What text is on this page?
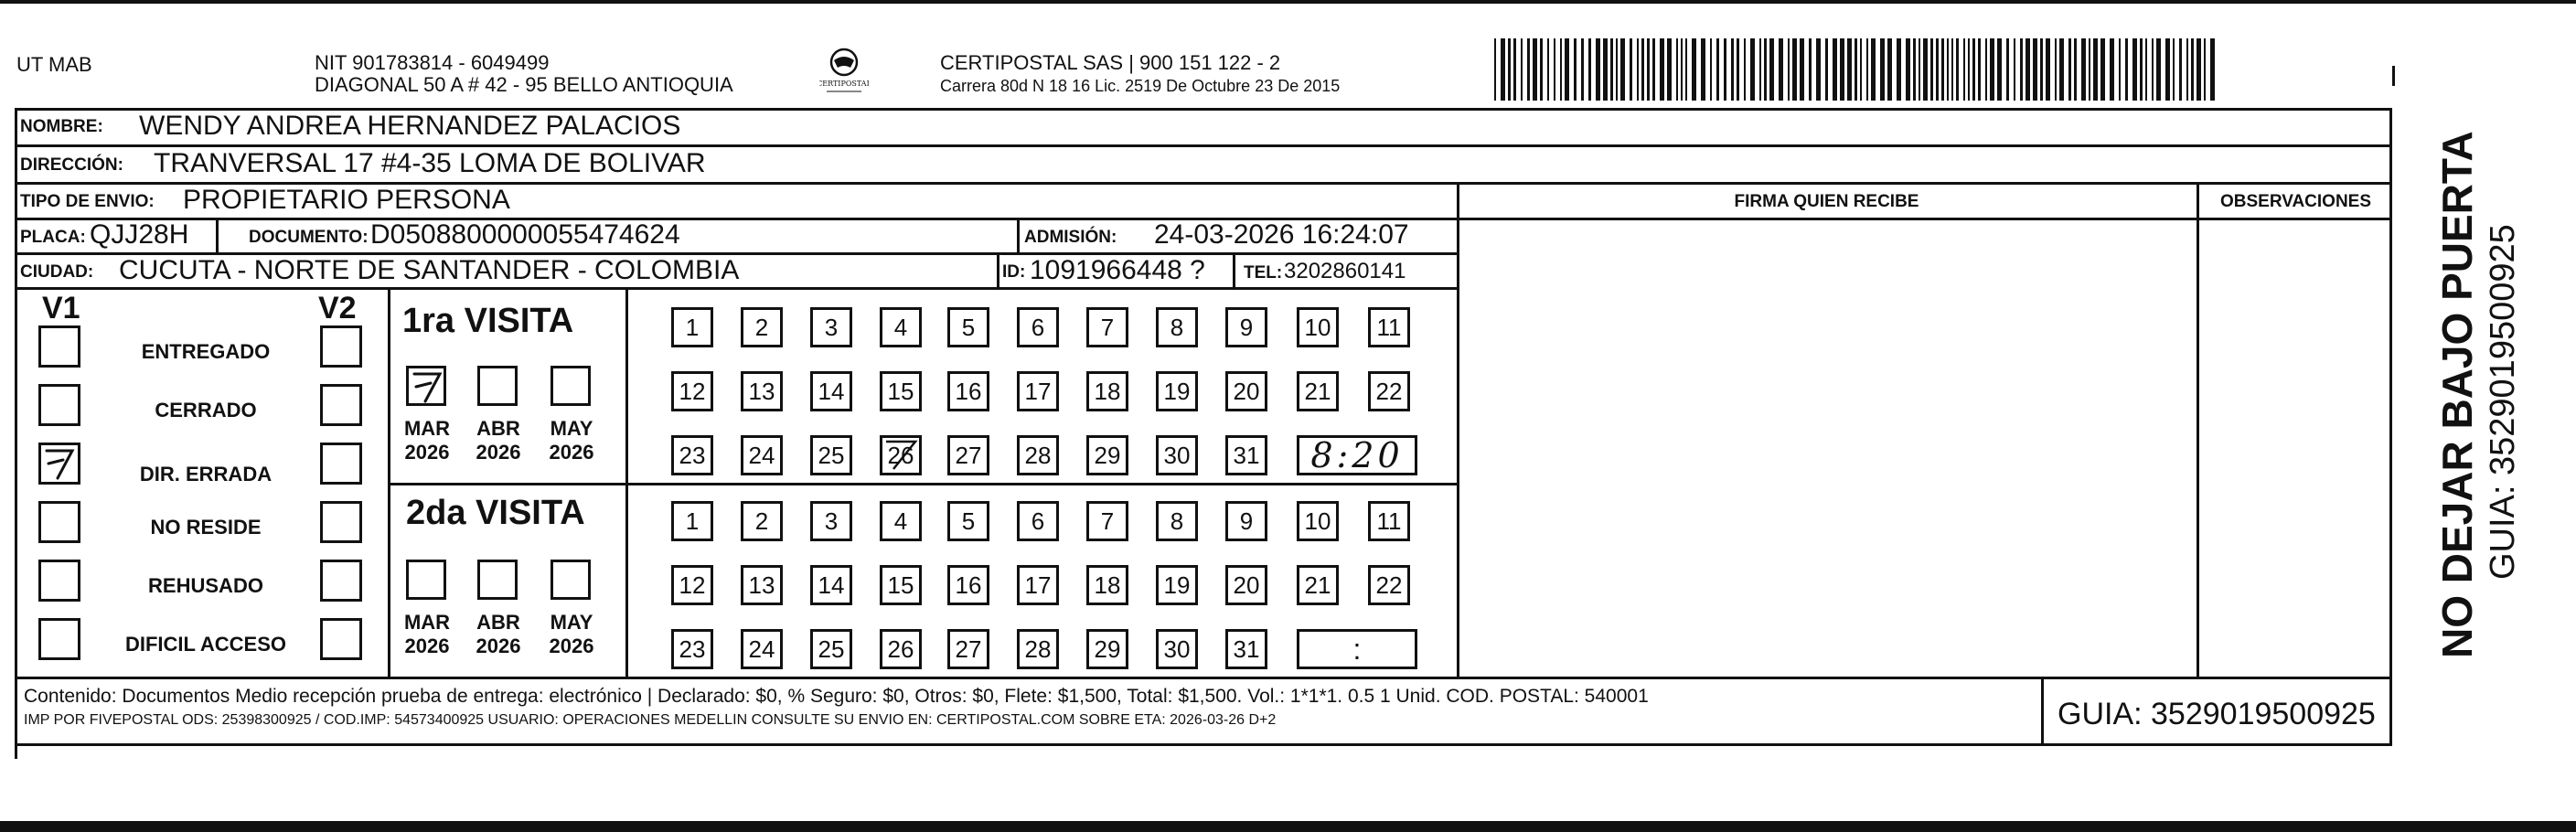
UT MAB	NIT 901783814 - 6049499
DIAGONAL 50 A # 42 - 95 BELLO ANTIOQUIA	CERTIPOSTAL
CERTIPOSTAL SAS | 900 151 122 - 2
Carrera 80d N 18 16 Lic. 2519 De Octubre 23 De 2015
NOMBRE: WENDY ANDREA HERNANDEZ PALACIOS
DIRECCIÓN: TRANVERSAL 17 #4-35 LOMA DE BOLIVAR
TIPO DE ENVIO: PROPIETARIO PERSONA	FIRMA QUIEN RECIBE	OBSERVACIONES
PLACA: QJJ28H	DOCUMENTO: D0508800000055474624	ADMISIÓN: 24-03-2026 16:24:07
CIUDAD: CUCUTA - NORTE DE SANTANDER - COLOMBIA	ID: 1091966448 ? TEL: 3202860141
V1	V2
ENTREGADO
CERRADO
DIR. ERRADA
NO RESIDE
REHUSADO
DIFICIL ACCESO
1ra VISITA
MAR
2026
ABR
2026
MAY
2026
1	2	3	4	5	6	7	8	9	10	11
12	13	14	15	16	17	18	19	20	21	22
23	24	25	26	27	28	29	30	31	8:20
2da VISITA
MAR
2026
ABR
2026
MAY
2026
1	2	3	4	5	6	7	8	9	10	11
12	13	14	15	16	17	18	19	20	21	22
23	24	25	26	27	28	29	30	31	:
Contenido: Documentos Medio recepción prueba de entrega: electrónico | Declarado: $0, % Seguro: $0, Otros: $0, Flete: $1,500, Total: $1,500. Vol.: 1*1*1. 0.5 1 Unid. COD. POSTAL: 540001
IMP POR FIVEPOSTAL ODS: 25398300925 / COD.IMP: 54573400925 USUARIO: OPERACIONES MEDELLIN CONSULTE SU ENVIO EN: CERTIPOSTAL.COM SOBRE ETA: 2026-03-26 D+2	GUIA: 3529019500925
NO DEJAR BAJO PUERTA GUIA: 3529019500925
